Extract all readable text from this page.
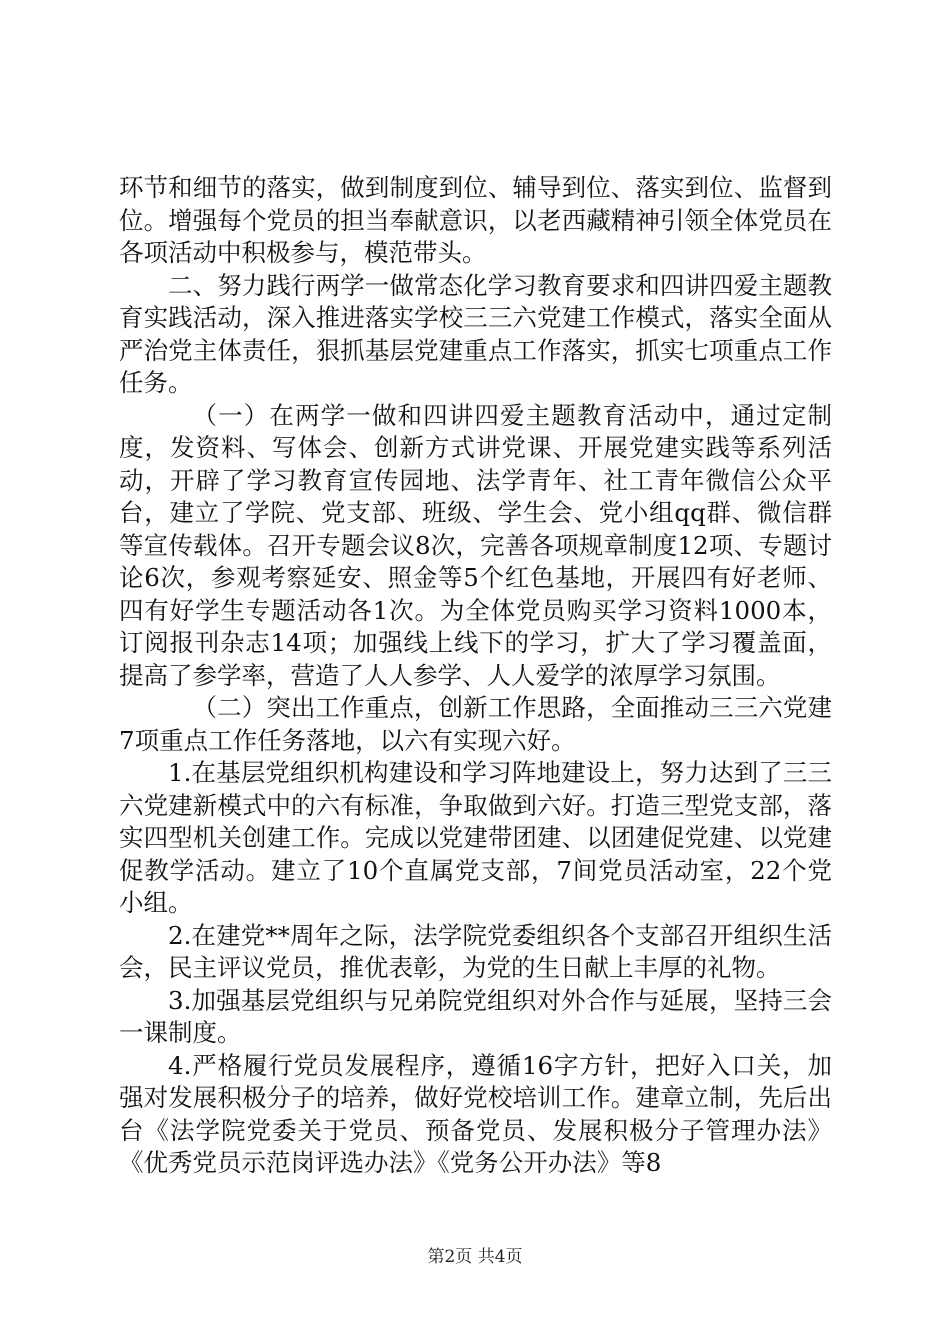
环节和细节的落实，做到制度到位、辅导到位、落实到位、监督到位。增强每个党员的担当奉献意识，以老西藏精神引领全体党员在各项活动中积极参与，模范带头。

二、努力践行两学一做常态化学习教育要求和四讲四爱主题教育实践活动，深入推进落实学校三三六党建工作模式，落实全面从严治党主体责任，狠抓基层党建重点工作落实，抓实七项重点工作任务。

（一）在两学一做和四讲四爱主题教育活动中，通过定制度，发资料、写体会、创新方式讲党课、开展党建实践等系列活动，开辟了学习教育宣传园地、法学青年、社工青年微信公众平台，建立了学院、党支部、班级、学生会、党小组qq群、微信群等宣传载体。召开专题会议8次，完善各项规章制度12项、专题讨论6次，参观考察延安、照金等5个红色基地，开展四有好老师、四有好学生专题活动各1次。为全体党员购买学习资料1000本，订阅报刊杂志14项；加强线上线下的学习，扩大了学习覆盖面，提高了参学率，营造了人人参学、人人爱学的浓厚学习氛围。

（二）突出工作重点，创新工作思路，全面推动三三六党建7项重点工作任务落地，以六有实现六好。

1.在基层党组织机构建设和学习阵地建设上，努力达到了三三六党建新模式中的六有标准，争取做到六好。打造三型党支部，落实四型机关创建工作。完成以党建带团建、以团建促党建、以党建促教学活动。建立了10个直属党支部，7间党员活动室，22个党小组。

2.在建党**周年之际，法学院党委组织各个支部召开组织生活会，民主评议党员，推优表彰，为党的生日献上丰厚的礼物。

3.加强基层党组织与兄弟院党组织对外合作与延展，坚持三会一课制度。

4.严格履行党员发展程序，遵循16字方针，把好入口关，加强对发展积极分子的培养，做好党校培训工作。建章立制，先后出台《法学院党委关于党员、预备党员、发展积极分子管理办法》《优秀党员示范岗评选办法》《党务公开办法》等8

第2页 共4页
